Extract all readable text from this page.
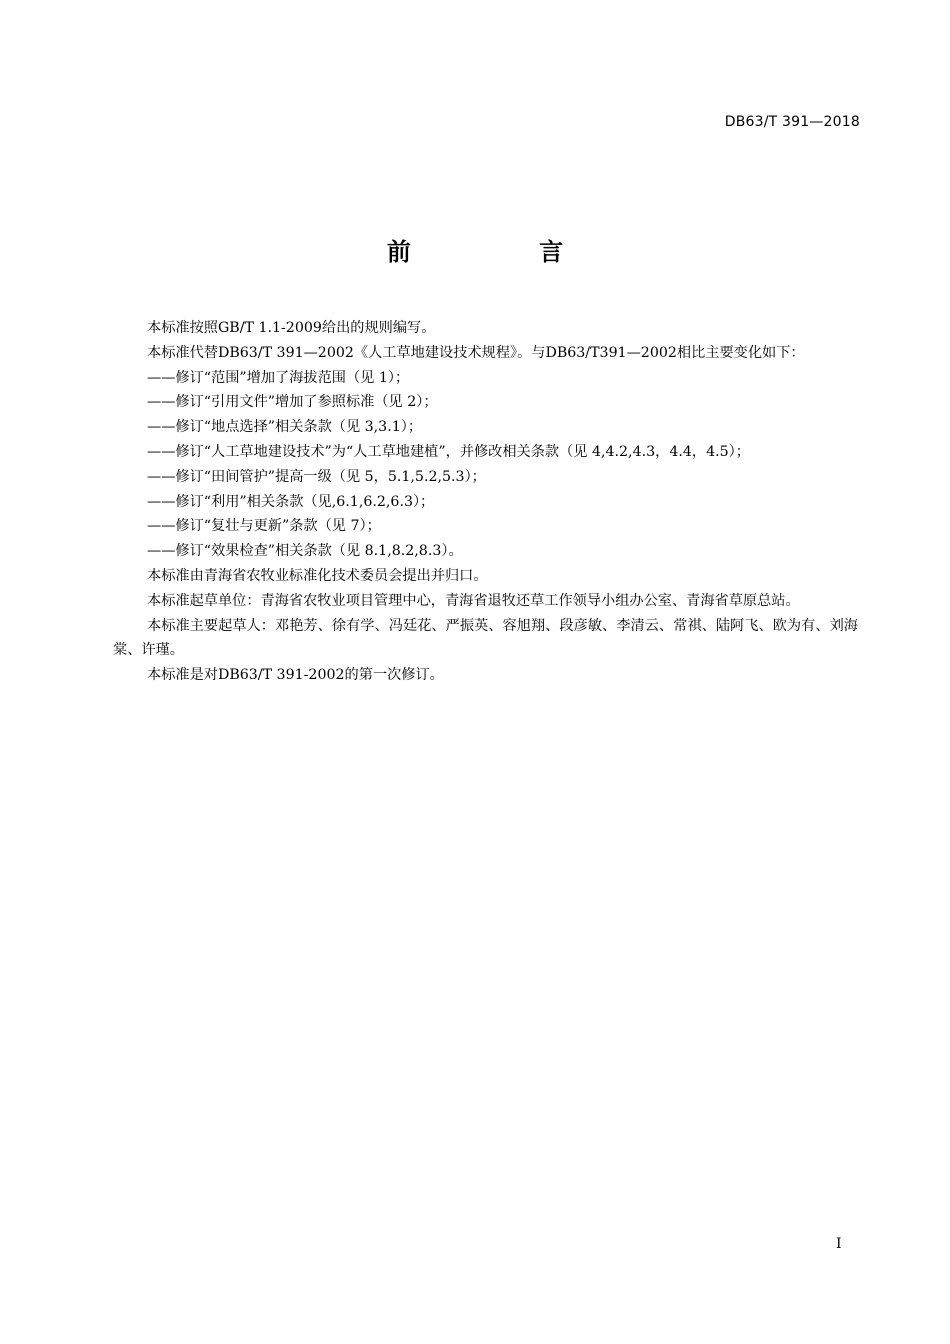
DB63/T 391—2018
前 言

本标准按照GB/T 1.1-2009给出的规则编写。

本标准代替DB63/T 391—2002《人工草地建设技术规程》。与DB63/T391—2002相比主要变化如下：

——修订“范围”增加了海拔范围（见 1）；

——修订“引用文件”增加了参照标准（见 2）；

——修订“地点选择”相关条款（见 3,3.1）；

——修订“人工草地建设技术”为“人工草地建植”，并修改相关条款（见 4,4.2,4.3，4.4，4.5）；

——修订“田间管护”提高一级（见 5，5.1,5.2,5.3）；

——修订“利用”相关条款（见,6.1,6.2,6.3）；

——修订“复壮与更新”条款（见 7）；

——修订“效果检查”相关条款（见 8.1,8.2,8.3）。

本标准由青海省农牧业标准化技术委员会提出并归口。

本标准起草单位：青海省农牧业项目管理中心，青海省退牧还草工作领导小组办公室、青海省草原总站。

本标准主要起草人：邓艳芳、徐有学、冯廷花、严振英、容旭翔、段彦敏、李清云、常祺、陆阿飞、欧为有、刘海棠、许瑾。

本标准是对DB63/T 391-2002的第一次修订。

I
